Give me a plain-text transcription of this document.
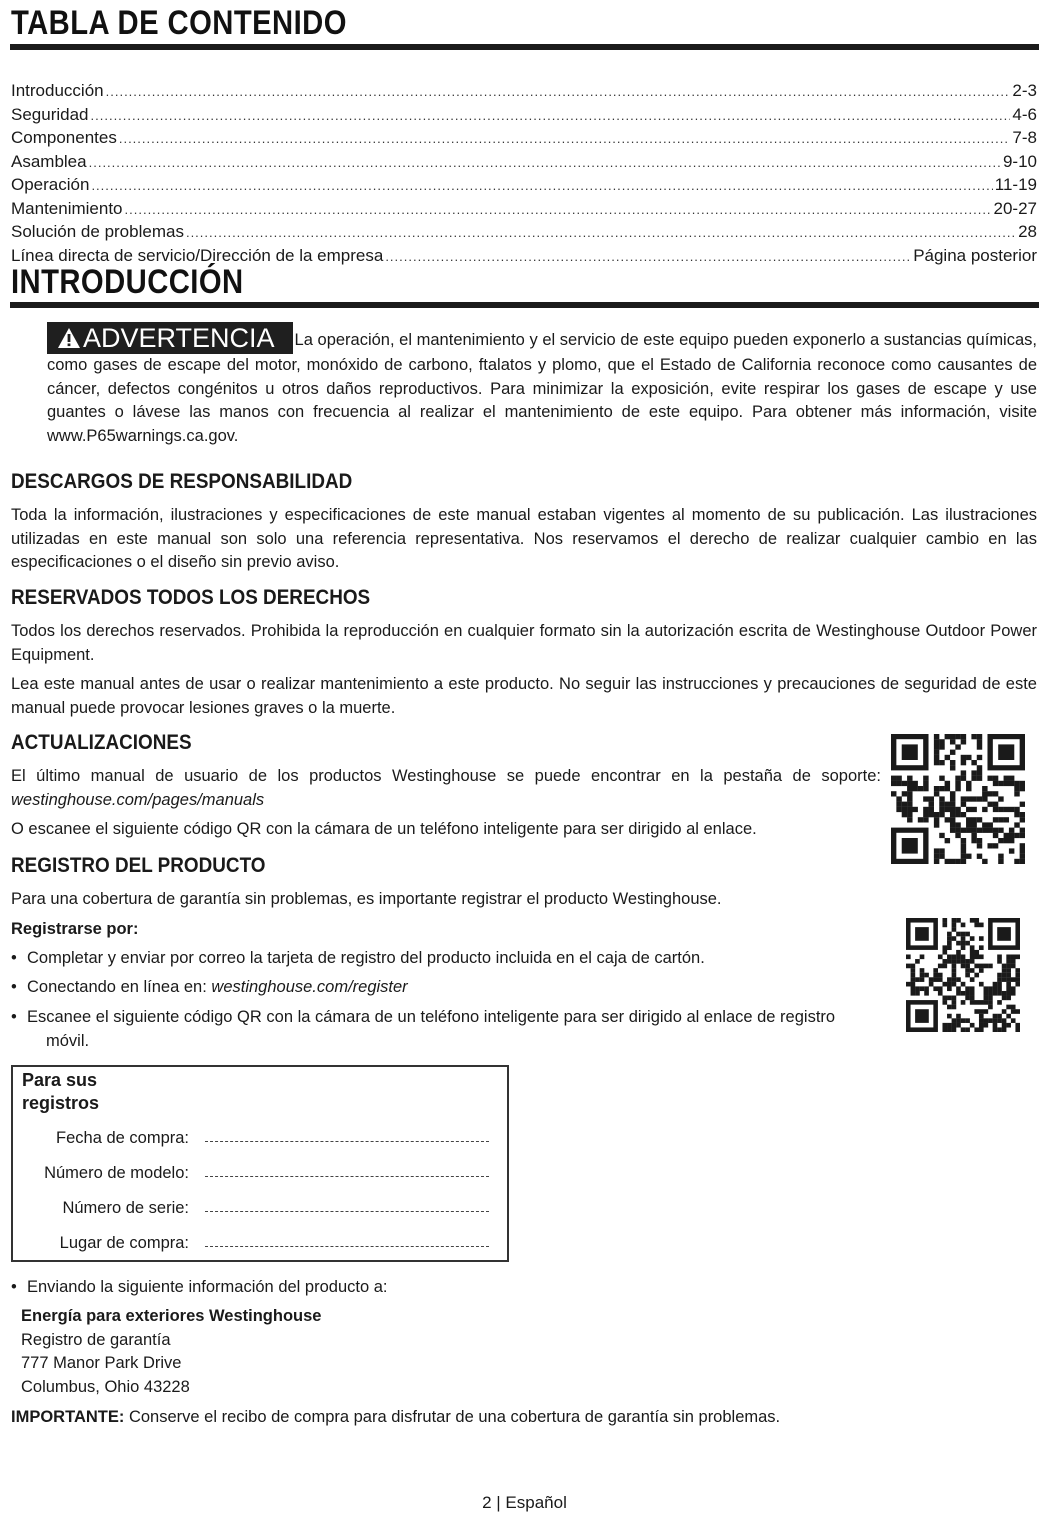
TABLA DE CONTENIDO
Introducción .....	2-3
Seguridad .....	4-6
Componentes .....	7-8
Asamblea .....	9-10
Operación .....	11-19
Mantenimiento .....	20-27
Solución de problemas .....	28
Línea directa de servicio/Dirección de la empresa .....	Página posterior
INTRODUCCIÓN
ADVERTENCIA La operación, el mantenimiento y el servicio de este equipo pueden exponerlo a sustancias químicas, como gases de escape del motor, monóxido de carbono, ftalatos y plomo, que el Estado de California reconoce como causantes de cáncer, defectos congénitos u otros daños reproductivos. Para minimizar la exposición, evite respirar los gases de escape y use guantes o lávese las manos con frecuencia al realizar el mantenimiento de este equipo. Para obtener más información, visite www.P65warnings.ca.gov.
DESCARGOS DE RESPONSABILIDAD

Toda la información, ilustraciones y especificaciones de este manual estaban vigentes al momento de su publicación. Las ilustraciones utilizadas en este manual son solo una referencia representativa. Nos reservamos el derecho de realizar cualquier cambio en las especificaciones o el diseño sin previo aviso.

RESERVADOS TODOS LOS DERECHOS

Todos los derechos reservados. Prohibida la reproducción en cualquier formato sin la autorización escrita de Westinghouse Outdoor Power Equipment.

Lea este manual antes de usar o realizar mantenimiento a este producto. No seguir las instrucciones y precauciones de seguridad de este manual puede provocar lesiones graves o la muerte.

ACTUALIZACIONES

El último manual de usuario de los productos Westinghouse se puede encontrar en la pestaña de soporte: westinghouse.com/pages/manuals

O escanee el siguiente código QR con la cámara de un teléfono inteligente para ser dirigido al enlace.

REGISTRO DEL PRODUCTO

Para una cobertura de garantía sin problemas, es importante registrar el producto Westinghouse.

Registrarse por:

• Completar y enviar por correo la tarjeta de registro del producto incluida en el caja de cartón.
• Conectando en línea en: westinghouse.com/register
• Escanee el siguiente código QR con la cámara de un teléfono inteligente para ser dirigido al enlace de registro
móvil.
Para sus registros
Fecha de compra:
Número de modelo:
Número de serie:
Lugar de compra:
• Enviando la siguiente información del producto a:
Energía para exteriores Westinghouse
Registro de garantía
777 Manor Park Drive
Columbus, Ohio 43228

IMPORTANTE: Conserve el recibo de compra para disfrutar de una cobertura de garantía sin problemas.

2 | Español
